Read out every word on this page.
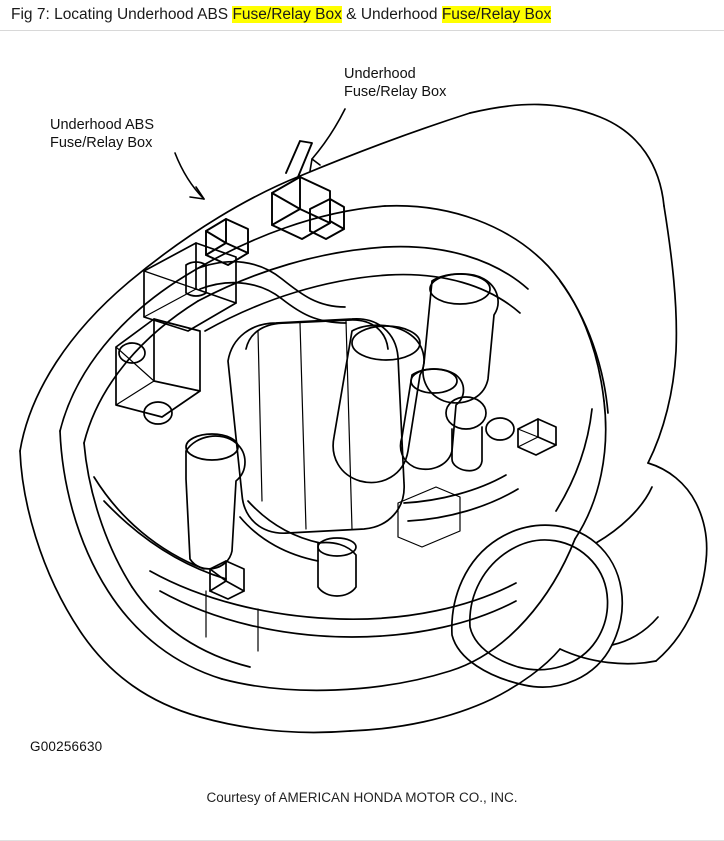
Fig 7: Locating Underhood ABS Fuse/Relay Box & Underhood Fuse/Relay Box
Underhood ABS
Fuse/Relay Box
Underhood
Fuse/Relay Box
G00256630
Courtesy of AMERICAN HONDA MOTOR CO., INC.
